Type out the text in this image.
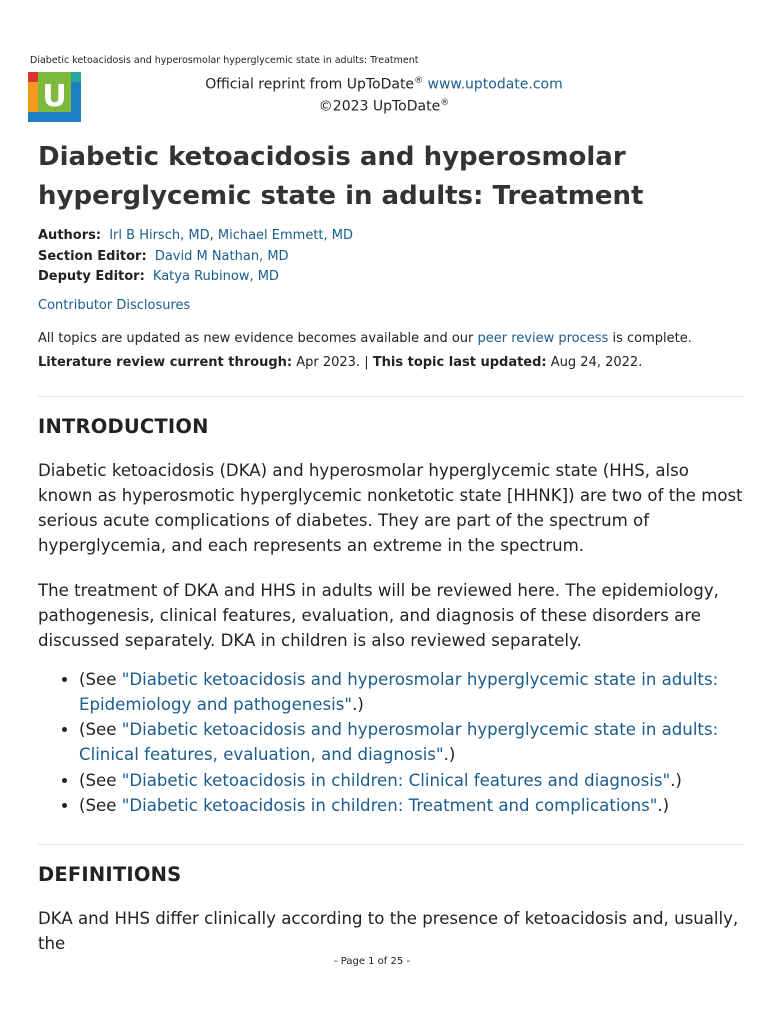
Diabetic ketoacidosis and hyperosmolar hyperglycemic state in adults: Treatment
U	Official reprint from UpToDate® www.uptodate.com
©2023 UpToDate®
Diabetic ketoacidosis and hyperosmolar hyperglycemic state in adults: Treatment
Authors: Irl B Hirsch, MD, Michael Emmett, MD
Section Editor: David M Nathan, MD
Deputy Editor: Katya Rubinow, MD
Contributor Disclosures
All topics are updated as new evidence becomes available and our peer review process is complete.
Literature review current through: Apr 2023. | This topic last updated: Aug 24, 2022.
INTRODUCTION

Diabetic ketoacidosis (DKA) and hyperosmolar hyperglycemic state (HHS, also known as hyperosmotic hyperglycemic nonketotic state [HHNK]) are two of the most serious acute complications of diabetes. They are part of the spectrum of hyperglycemia, and each represents an extreme in the spectrum.

The treatment of DKA and HHS in adults will be reviewed here. The epidemiology, pathogenesis, clinical features, evaluation, and diagnosis of these disorders are discussed separately. DKA in children is also reviewed separately.

• (See "Diabetic ketoacidosis and hyperosmolar hyperglycemic state in adults: Epidemiology and pathogenesis".)
• (See "Diabetic ketoacidosis and hyperosmolar hyperglycemic state in adults: Clinical features, evaluation, and diagnosis".)
• (See "Diabetic ketoacidosis in children: Clinical features and diagnosis".)
• (See "Diabetic ketoacidosis in children: Treatment and complications".)
DEFINITIONS

DKA and HHS differ clinically according to the presence of ketoacidosis and, usually, the

- Page 1 of 25 -
